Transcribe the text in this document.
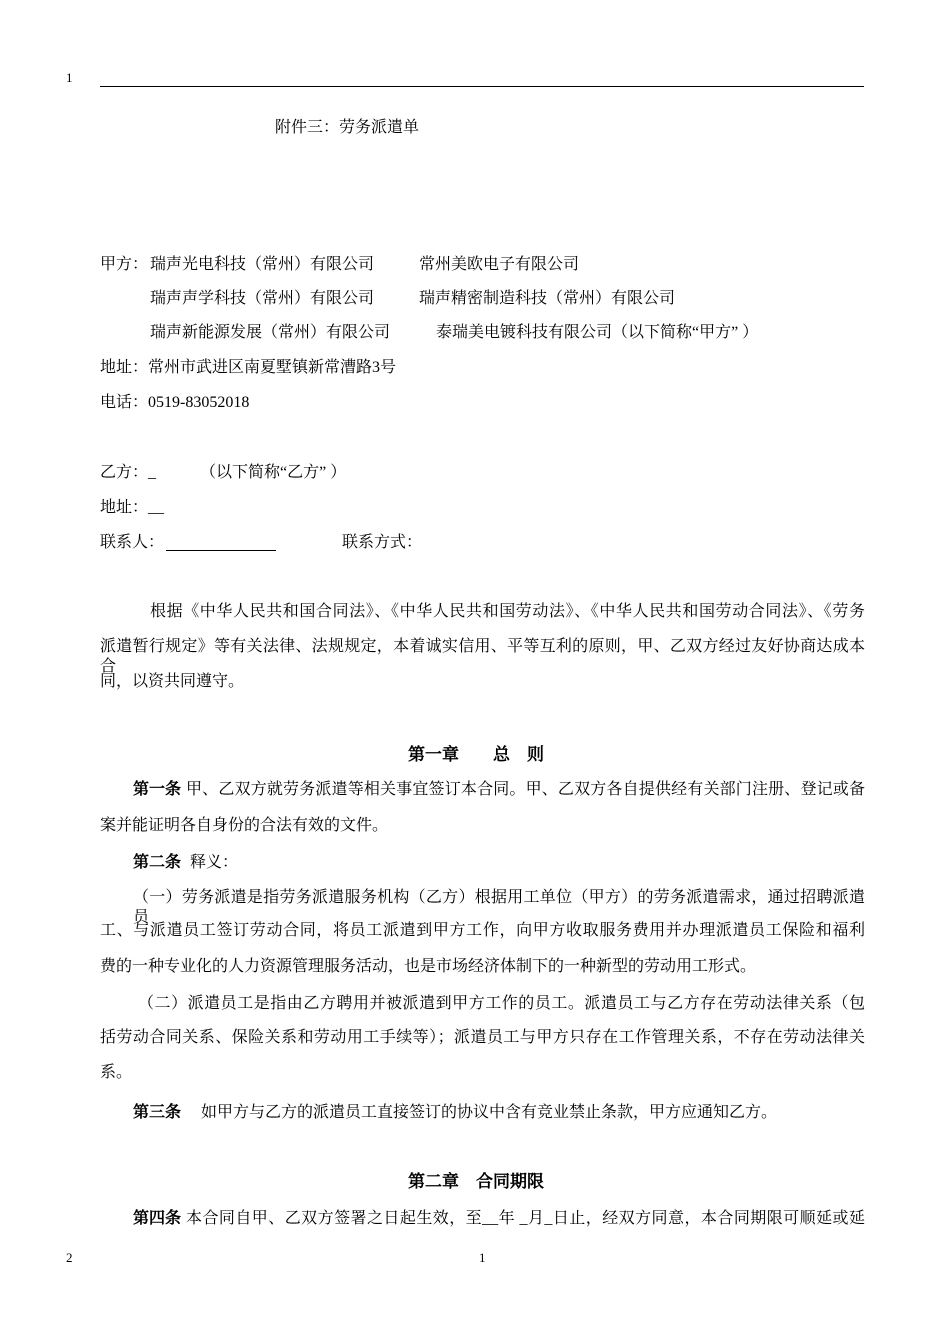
1
附件三：劳务派遣单
甲方： 瑞声光电科技（常州）有限公司	常州美欧电子有限公司
瑞声声学科技（常州）有限公司	瑞声精密制造科技（常州）有限公司
瑞声新能源发展（常州）有限公司	泰瑞美电镀科技有限公司 （以下简称“甲方” ）
地址：常州市武进区南夏墅镇新常漕路3号
电话：0519-83052018
乙方：_	（以下简称“乙方” ）
地址：__
联系人：	联系方式：
根据《中华人民共和国合同法》、《中华人民共和国劳动法》、《中华人民共和国劳动合同法》、《劳务
派遣暂行规定》等有关法律、法规规定，本着诚实信用、平等互利的原则，甲、乙双方经过友好协商达成本合
同，以资共同遵守。
第一章　　总　则
第一条 甲、乙双方就劳务派遣等相关事宜签订本合同。甲、乙双方各自提供经有关部门注册、登记或备
案并能证明各自身份的合法有效的文件。
第二条 释义：
（一）劳务派遣是指劳务派遣服务机构（乙方）根据用工单位（甲方）的劳务派遣需求，通过招聘派遣员
工、与派遣员工签订劳动合同，将员工派遣到甲方工作，向甲方收取服务费用并办理派遣员工保险和福利
费的一种专业化的人力资源管理服务活动，也是市场经济体制下的一种新型的劳动用工形式。
（二）派遣员工是指由乙方聘用并被派遣到甲方工作的员工。派遣员工与乙方存在劳动法律关系（包
括劳动合同关系、保险关系和劳动用工手续等）；派遣员工与甲方只存在工作管理关系，不存在劳动法律关
系。
第三条 如甲方与乙方的派遣员工直接签订的协议中含有竞业禁止条款，甲方应通知乙方。
第二章　合同期限
第四条 本合同自甲、乙双方签署之日起生效，至__年 _月_日止，经双方同意，本合同期限可顺延或延
2	1
